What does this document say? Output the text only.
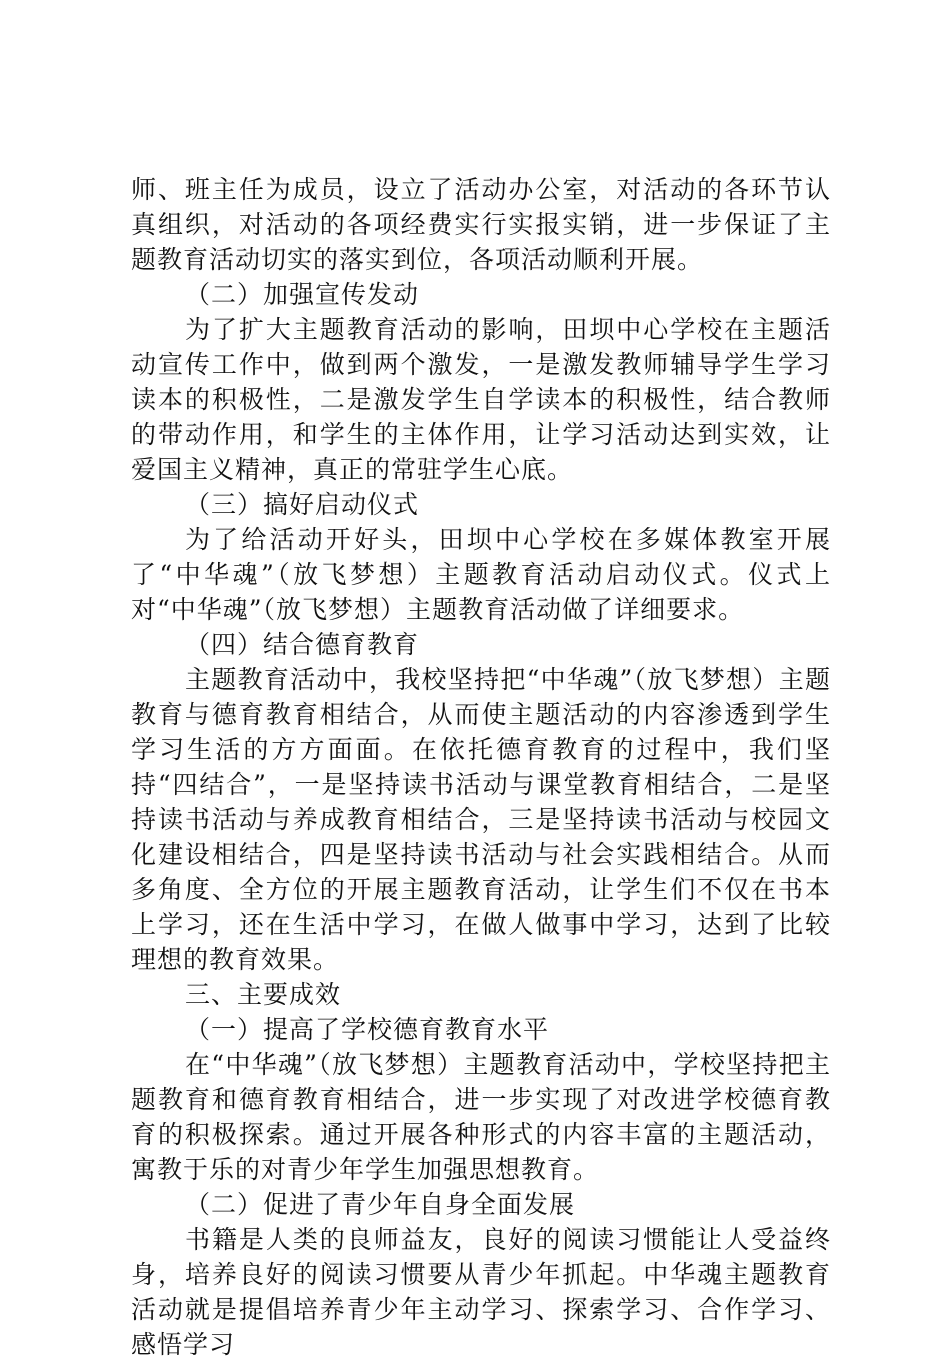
师、班主任为成员，设立了活动办公室，对活动的各环节认真组织，对活动的各项经费实行实报实销，进一步保证了主题教育活动切实的落实到位，各项活动顺利开展。

（二）加强宣传发动

为了扩大主题教育活动的影响，田坝中心学校在主题活动宣传工作中，做到两个激发，一是激发教师辅导学生学习读本的积极性，二是激发学生自学读本的积极性，结合教师的带动作用，和学生的主体作用，让学习活动达到实效，让爱国主义精神，真正的常驻学生心底。

（三）搞好启动仪式

为了给活动开好头，田坝中心学校在多媒体教室开展了“中华魂”（放飞梦想）主题教育活动启动仪式。仪式上对“中华魂”（放飞梦想）主题教育活动做了详细要求。

（四）结合德育教育

主题教育活动中，我校坚持把“中华魂”（放飞梦想）主题教育与德育教育相结合，从而使主题活动的内容渗透到学生学习生活的方方面面。在依托德育教育的过程中，我们坚持“四结合”，一是坚持读书活动与课堂教育相结合，二是坚持读书活动与养成教育相结合，三是坚持读书活动与校园文化建设相结合，四是坚持读书活动与社会实践相结合。从而多角度、全方位的开展主题教育活动，让学生们不仅在书本上学习，还在生活中学习，在做人做事中学习，达到了比较理想的教育效果。

三、主要成效

（一）提高了学校德育教育水平

在“中华魂”（放飞梦想）主题教育活动中，学校坚持把主题教育和德育教育相结合，进一步实现了对改进学校德育教育的积极探索。通过开展各种形式的内容丰富的主题活动，寓教于乐的对青少年学生加强思想教育。

（二）促进了青少年自身全面发展

书籍是人类的良师益友，良好的阅读习惯能让人受益终身，培养良好的阅读习惯要从青少年抓起。中华魂主题教育活动就是提倡培养青少年主动学习、探索学习、合作学习、感悟学习
